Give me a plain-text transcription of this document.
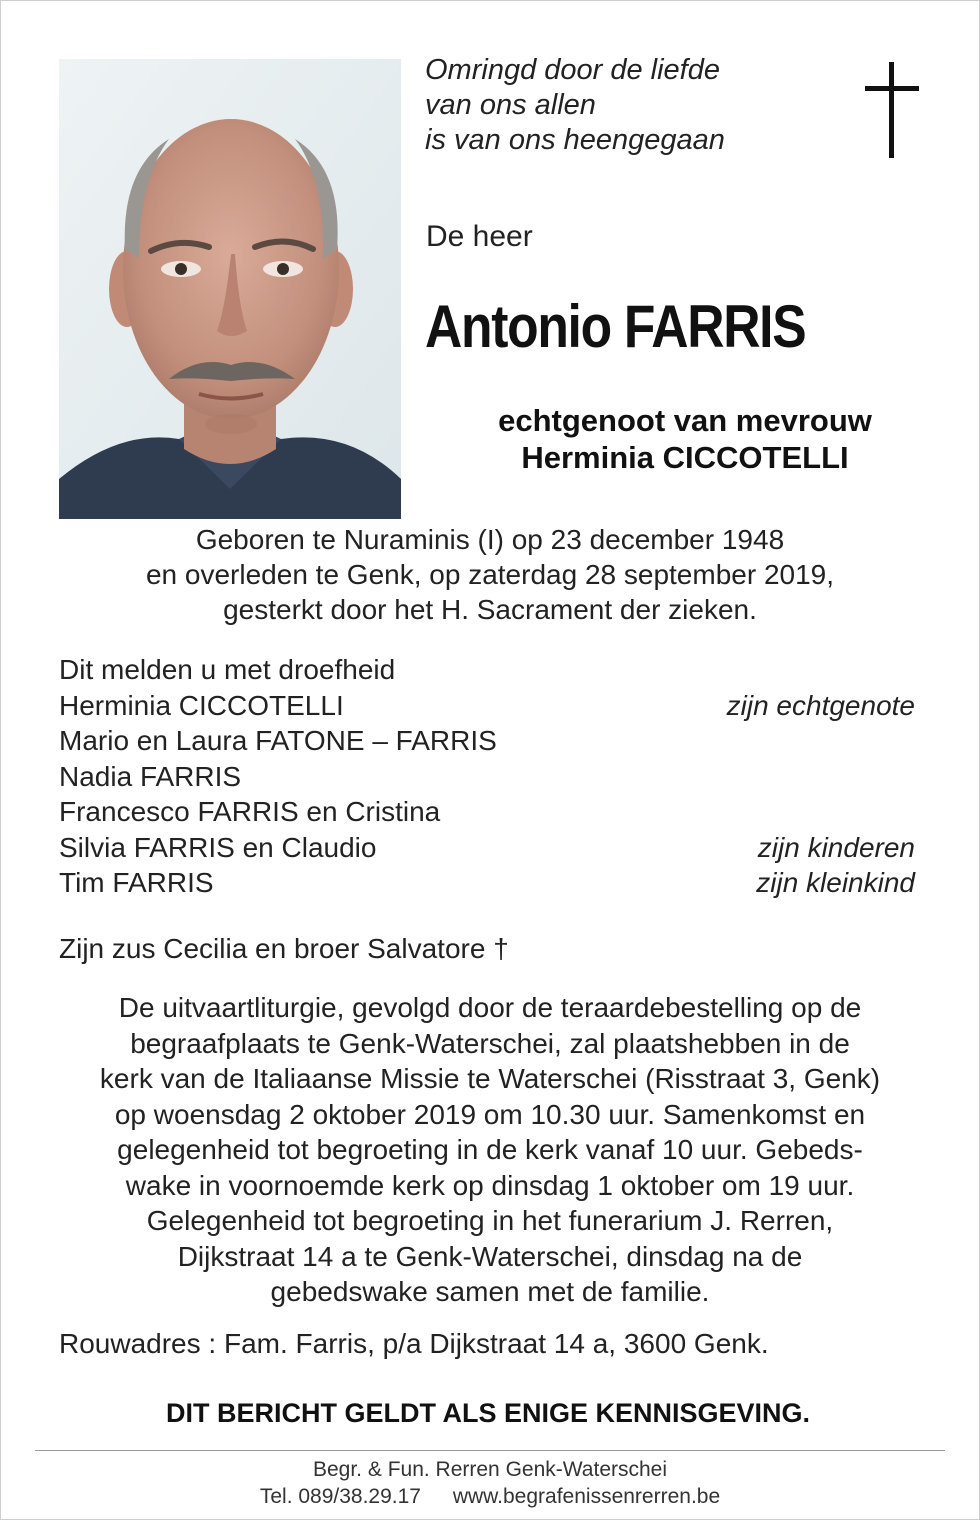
Omringd door de liefde
van ons allen
is van ons heengegaan
De heer
Antonio FARRIS
echtgenoot van mevrouw
Herminia CICCOTELLI
Geboren te Nuraminis (I) op 23 december 1948
en overleden te Genk, op zaterdag 28 september 2019,
gesterkt door het H. Sacrament der zieken.
Dit melden u met droefheid
Herminia CICCOTELLI	zijn echtgenote
Mario en Laura FATONE – FARRIS
Nadia FARRIS
Francesco FARRIS en Cristina
Silvia FARRIS en Claudio	zijn kinderen
Tim FARRIS	zijn kleinkind
Zijn zus Cecilia en broer Salvatore †
De uitvaartliturgie, gevolgd door de teraardebestelling op de
begraafplaats te Genk-Waterschei, zal plaatshebben in de
kerk van de Italiaanse Missie te Waterschei (Risstraat 3, Genk)
op woensdag 2 oktober 2019 om 10.30 uur. Samenkomst en
gelegenheid tot begroeting in de kerk vanaf 10 uur. Gebeds-
wake in voornoemde kerk op dinsdag 1 oktober om 19 uur.
Gelegenheid tot begroeting in het funerarium J. Rerren,
Dijkstraat 14 a te Genk-Waterschei, dinsdag na de
gebedswake samen met de familie.
Rouwadres : Fam. Farris, p/a Dijkstraat 14 a, 3600 Genk.
DIT BERICHT GELDT ALS ENIGE KENNISGEVING.
Begr. & Fun. Rerren Genk-Waterschei
Tel. 089/38.29.17 www.begrafenissenrerren.be
